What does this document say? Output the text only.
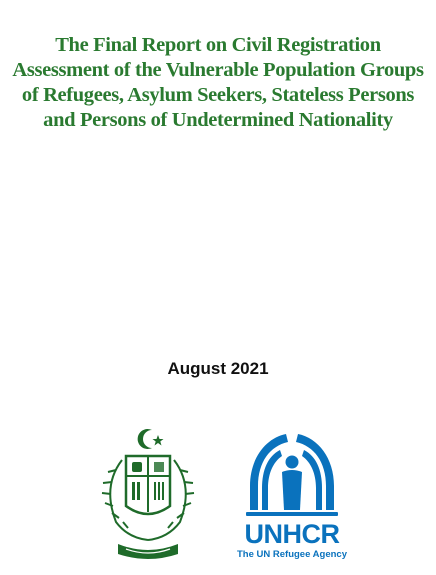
The Final Report on Civil Registration
Assessment of the Vulnerable Population Groups
of Refugees, Asylum Seekers, Stateless Persons
and Persons of Undetermined Nationality
August 2021
UNHCR
The UN Refugee Agency
